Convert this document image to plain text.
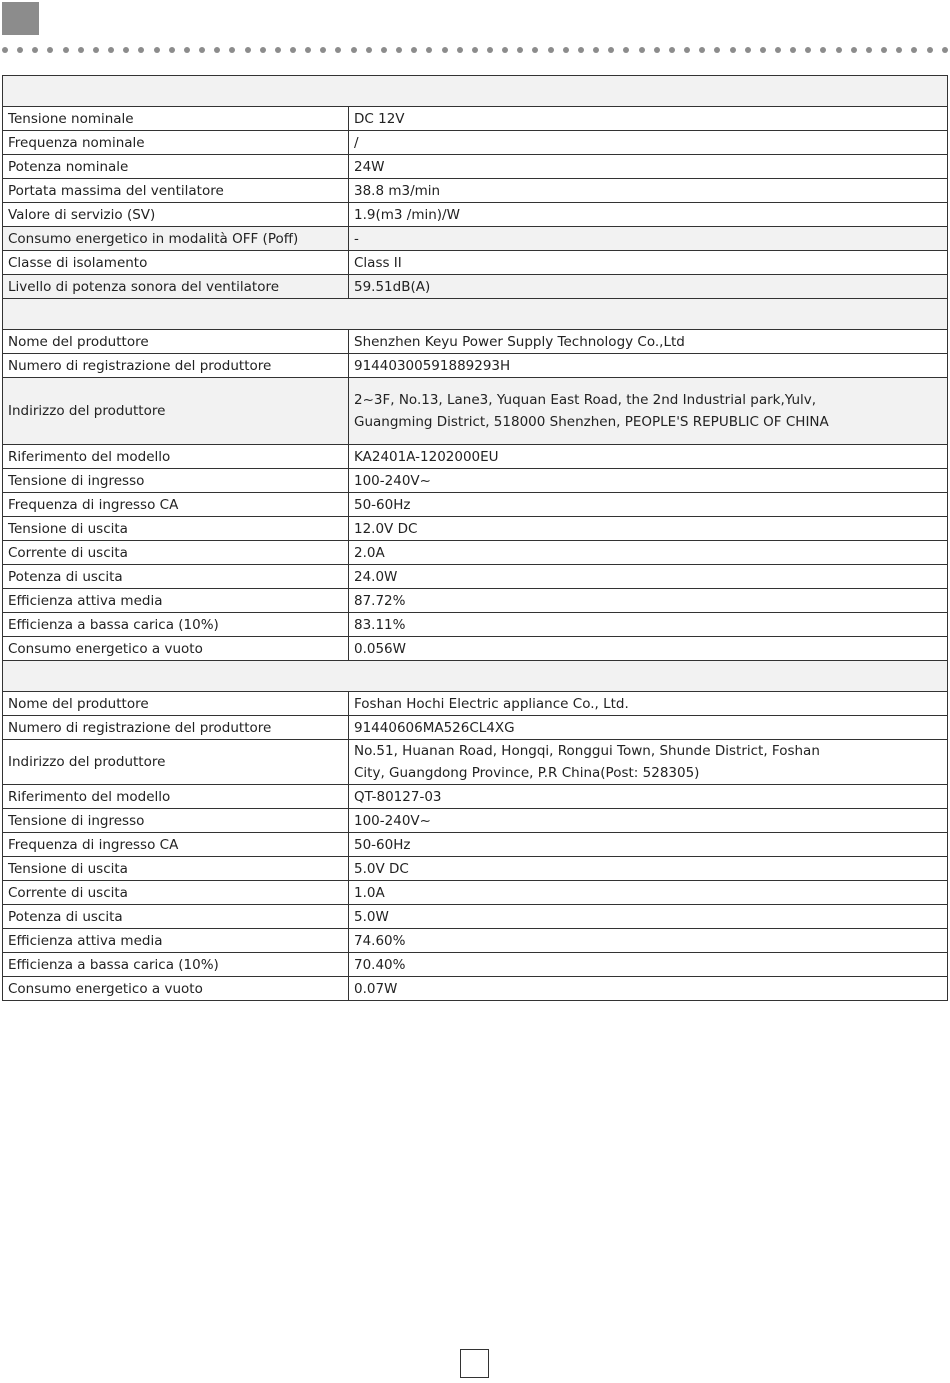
Tensione nominale	DC 12V
Frequenza nominale	/
Potenza nominale	24W
Portata massima del ventilatore	38.8 m3/min
Valore di servizio (SV)	1.9(m3 /min)/W
Consumo energetico in modalità OFF (Poff)	-
Classe di isolamento	Class II
Livello di potenza sonora del ventilatore	59.51dB(A)

Nome del produttore	Shenzhen Keyu Power Supply Technology Co.,Ltd
Numero di registrazione del produttore	91440300591889293H
Indirizzo del produttore	2~3F, No.13, Lane3, Yuquan East Road, the 2nd Industrial park,Yulv,
Guangming District, 518000 Shenzhen, PEOPLE'S REPUBLIC OF CHINA

Riferimento del modello	KA2401A-1202000EU
Tensione di ingresso	100-240V~
Frequenza di ingresso CA	50-60Hz
Tensione di uscita	12.0V DC
Corrente di uscita	2.0A
Potenza di uscita	24.0W
Efficienza attiva media	87.72%
Efficienza a bassa carica (10%)	83.11%
Consumo energetico a vuoto	0.056W

Nome del produttore	Foshan Hochi Electric appliance Co., Ltd.
Numero di registrazione del produttore	91440606MA526CL4XG
Indirizzo del produttore	No.51, Huanan Road, Hongqi, Ronggui Town, Shunde District, Foshan
City, Guangdong Province, P.R China(Post: 528305)

Riferimento del modello	QT-80127-03
Tensione di ingresso	100-240V~
Frequenza di ingresso CA	50-60Hz
Tensione di uscita	5.0V DC
Corrente di uscita	1.0A
Potenza di uscita	5.0W
Efficienza attiva media	74.60%
Efficienza a bassa carica (10%)	70.40%
Consumo energetico a vuoto	0.07W
